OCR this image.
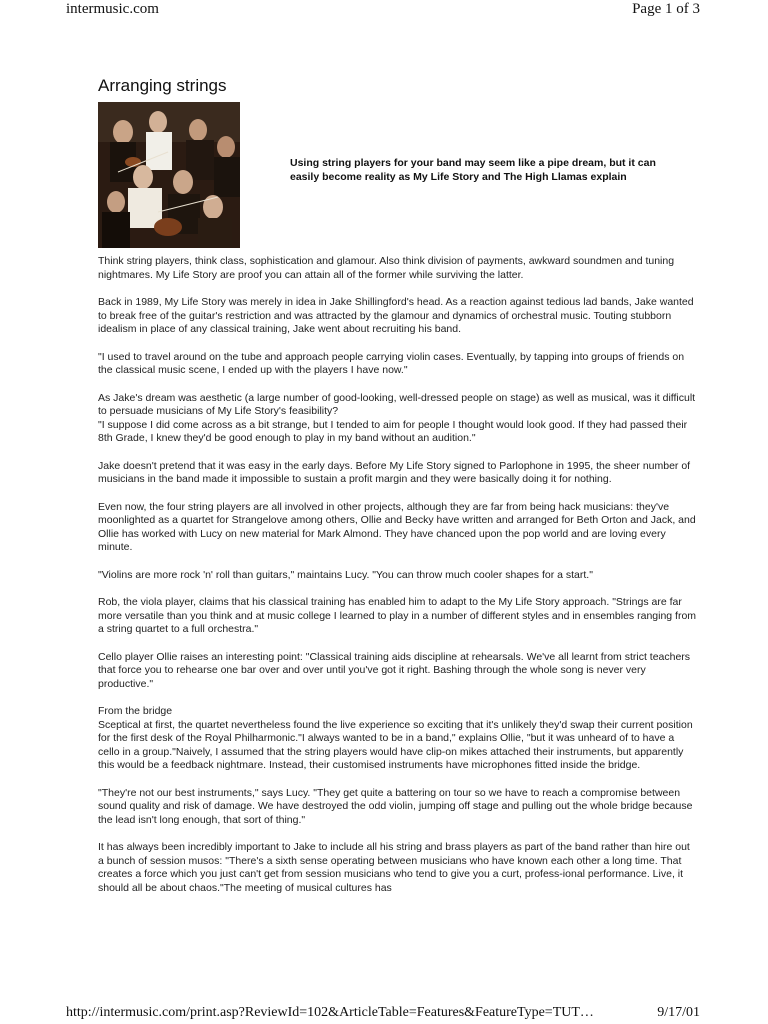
intermusic.com	Page 1 of 3
Arranging strings
Using string players for your band may seem like a pipe dream, but it can easily become reality as My Life Story and The High Llamas explain

Think string players, think class, sophistication and glamour. Also think division of payments, awkward soundmen and tuning nightmares. My Life Story are proof you can attain all of the former while surviving the latter.

Back in 1989, My Life Story was merely in idea in Jake Shillingford's head. As a reaction against tedious lad bands, Jake wanted to break free of the guitar's restriction and was attracted by the glamour and dynamics of orchestral music. Touting stubborn idealism in place of any classical training, Jake went about recruiting his band.

"I used to travel around on the tube and approach people carrying violin cases. Eventually, by tapping into groups of friends on the classical music scene, I ended up with the players I have now."

As Jake's dream was aesthetic (a large number of good-looking, well-dressed people on stage) as well as musical, was it difficult to persuade musicians of My Life Story's feasibility?
"I suppose I did come across as a bit strange, but I tended to aim for people I thought would look good. If they had passed their 8th Grade, I knew they'd be good enough to play in my band without an audition."

Jake doesn't pretend that it was easy in the early days. Before My Life Story signed to Parlophone in 1995, the sheer number of musicians in the band made it impossible to sustain a profit margin and they were basically doing it for nothing.

Even now, the four string players are all involved in other projects, although they are far from being hack musicians: they've moonlighted as a quartet for Strangelove among others, Ollie and Becky have written and arranged for Beth Orton and Jack, and Ollie has worked with Lucy on new material for Mark Almond. They have chanced upon the pop world and are loving every minute.

"Violins are more rock 'n' roll than guitars," maintains Lucy. "You can throw much cooler shapes for a start."

Rob, the viola player, claims that his classical training has enabled him to adapt to the My Life Story approach. "Strings are far more versatile than you think and at music college I learned to play in a number of different styles and in ensembles ranging from a string quartet to a full orchestra."

Cello player Ollie raises an interesting point: "Classical training aids discipline at rehearsals. We've all learnt from strict teachers that force you to rehearse one bar over and over until you've got it right. Bashing through the whole song is never very productive."

From the bridge
Sceptical at first, the quartet nevertheless found the live experience so exciting that it's unlikely they'd swap their current position for the first desk of the Royal Philharmonic."I always wanted to be in a band," explains Ollie, "but it was unheard of to have a cello in a group."Naively, I assumed that the string players would have clip-on mikes attached their instruments, but apparently this would be a feedback nightmare. Instead, their customised instruments have microphones fitted inside the bridge.

"They're not our best instruments," says Lucy. "They get quite a battering on tour so we have to reach a compromise between sound quality and risk of damage. We have destroyed the odd violin, jumping off stage and pulling out the whole bridge because the lead isn't long enough, that sort of thing."

It has always been incredibly important to Jake to include all his string and brass players as part of the band rather than hire out a bunch of session musos: "There's a sixth sense operating between musicians who have known each other a long time. That creates a force which you just can't get from session musicians who tend to give you a curt, profess-ional performance. Live, it should all be about chaos."The meeting of musical cultures has

http://intermusic.com/print.asp?ReviewId=102&ArticleTable=Features&FeatureType=TUT…	9/17/01
